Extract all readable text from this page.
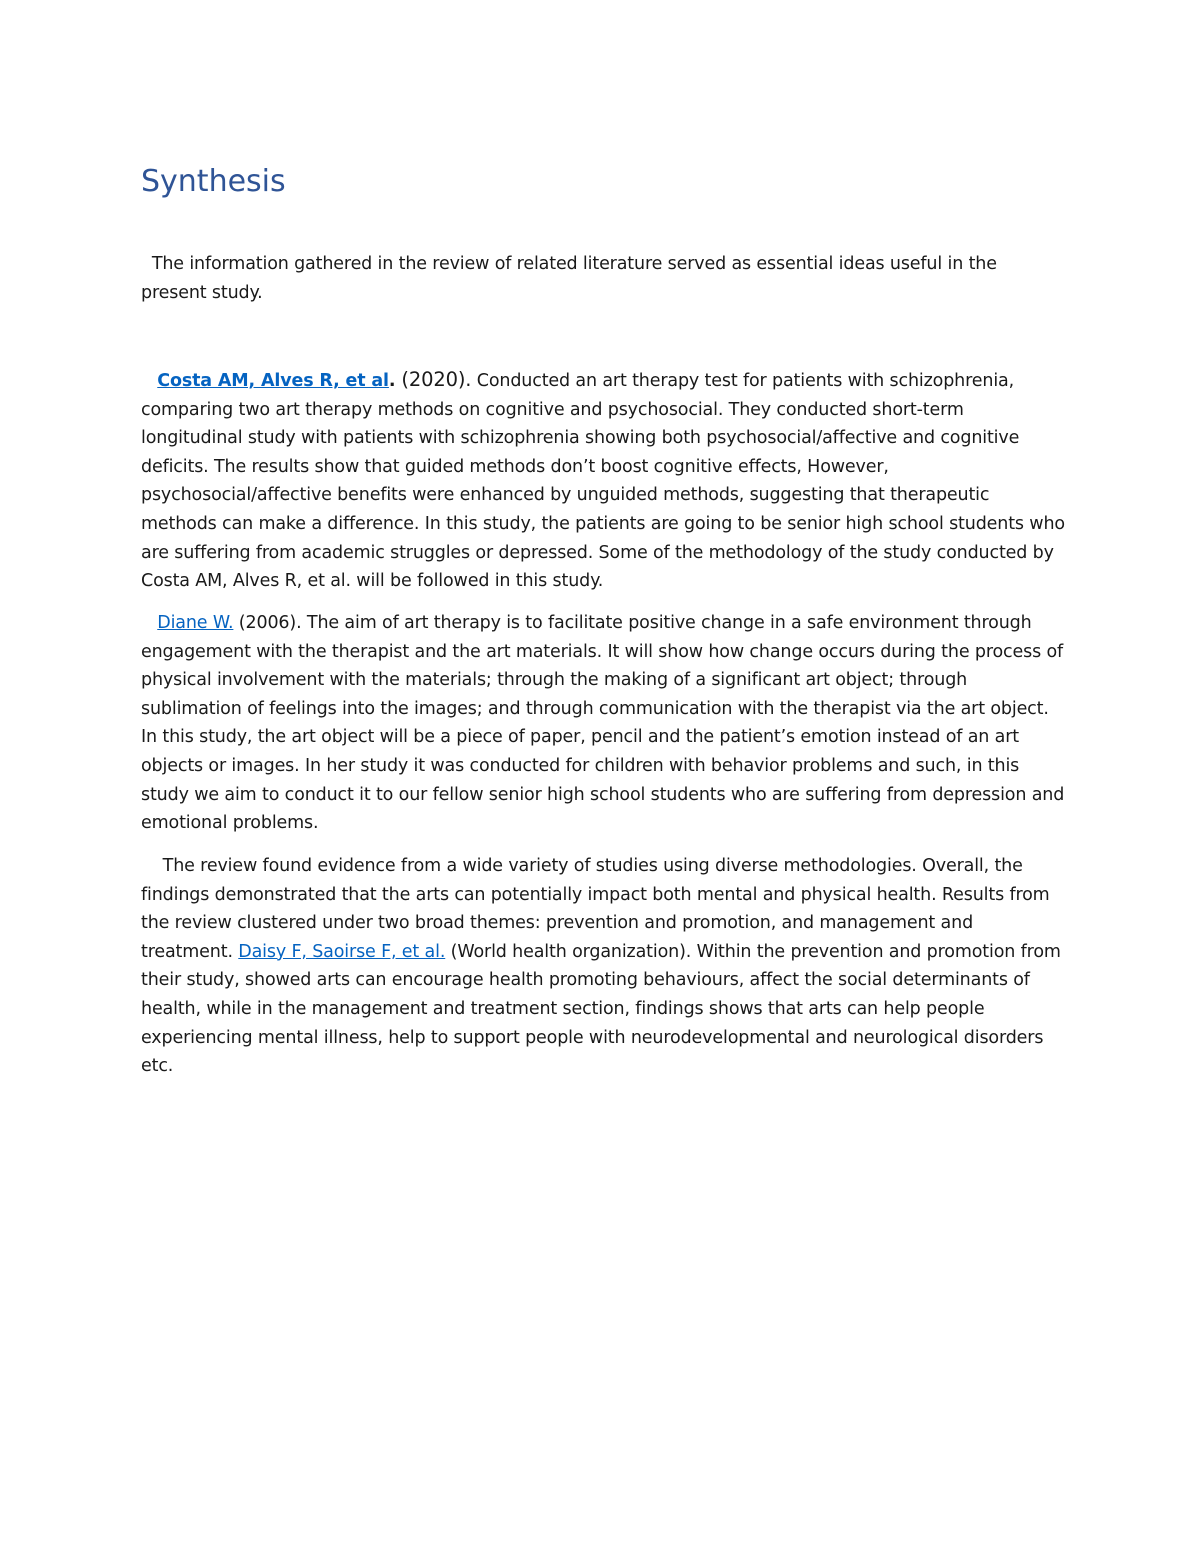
Synthesis

The information gathered in the review of related literature served as essential ideas useful in the present study.

Costa AM, Alves R, et al. (2020). Conducted an art therapy test for patients with schizophrenia, comparing two art therapy methods on cognitive and psychosocial. They conducted short-term longitudinal study with patients with schizophrenia showing both psychosocial/affective and cognitive deficits. The results show that guided methods don’t boost cognitive effects, However, psychosocial/affective benefits were enhanced by unguided methods, suggesting that therapeutic methods can make a difference. In this study, the patients are going to be senior high school students who are suffering from academic struggles or depressed. Some of the methodology of the study conducted by Costa AM, Alves R, et al. will be followed in this study.

Diane W. (2006). The aim of art therapy is to facilitate positive change in a safe environment through engagement with the therapist and the art materials. It will show how change occurs during the process of physical involvement with the materials; through the making of a significant art object; through sublimation of feelings into the images; and through communication with the therapist via the art object. In this study, the art object will be a piece of paper, pencil and the patient’s emotion instead of an art objects or images. In her study it was conducted for children with behavior problems and such, in this study we aim to conduct it to our fellow senior high school students who are suffering from depression and emotional problems.

The review found evidence from a wide variety of studies using diverse methodologies. Overall, the findings demonstrated that the arts can potentially impact both mental and physical health. Results from the review clustered under two broad themes: prevention and promotion, and management and treatment. Daisy F, Saoirse F, et al. (World health organization). Within the prevention and promotion from their study, showed arts can encourage health promoting behaviours, affect the social determinants of health, while in the management and treatment section, findings shows that arts can help people experiencing mental illness, help to support people with neurodevelopmental and neurological disorders etc.
